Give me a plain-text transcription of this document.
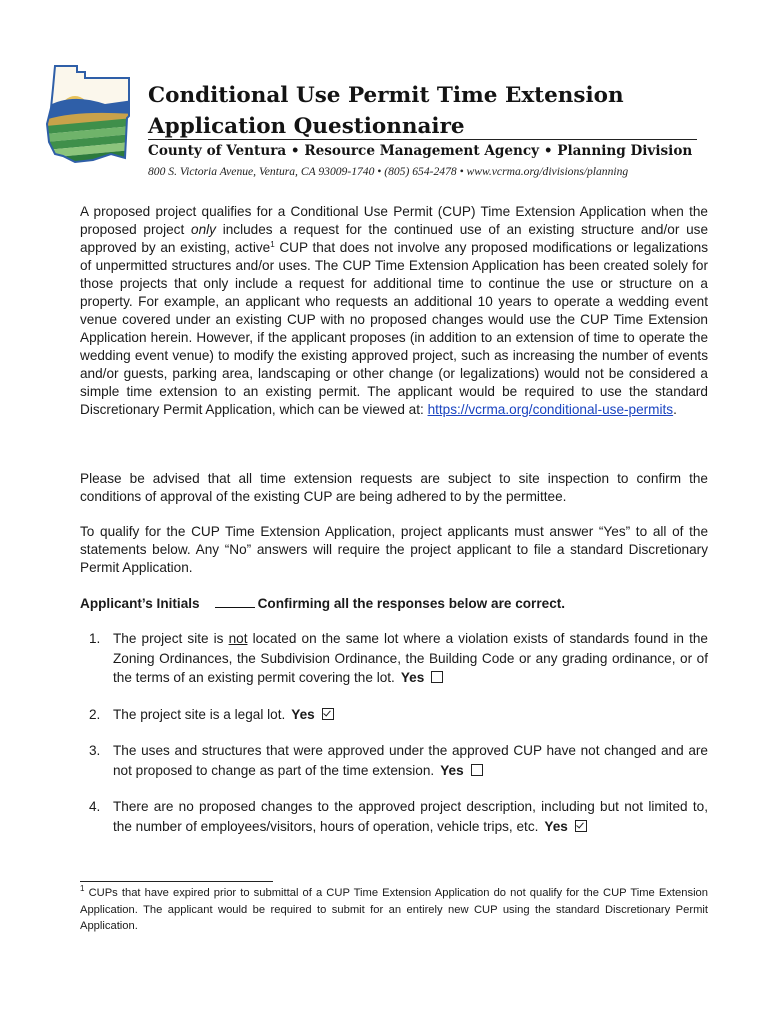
Conditional Use Permit Time Extension Application Questionnaire
County of Ventura • Resource Management Agency • Planning Division
800 S. Victoria Avenue, Ventura, CA 93009-1740 • (805) 654-2478 • www.vcrma.org/divisions/planning

A proposed project qualifies for a Conditional Use Permit (CUP) Time Extension Application when the proposed project only includes a request for the continued use of an existing structure and/or use approved by an existing, active$^1$ CUP that does not involve any proposed modifications or legalizations of unpermitted structures and/or uses. The CUP Time Extension Application has been created solely for those projects that only include a request for additional time to continue the use or structure on a property. For example, an applicant who requests an additional 10 years to operate a wedding event venue covered under an existing CUP with no proposed changes would use the CUP Time Extension Application herein. However, if the applicant proposes (in addition to an extension of time to operate the wedding event venue) to modify the existing approved project, such as increasing the number of events and/or guests, parking area, landscaping or other change (or legalizations) would not be considered a simple time extension to an existing permit. The applicant would be required to use the standard Discretionary Permit Application, which can be viewed at: https://vcrma.org/conditional-use-permits.

Please be advised that all time extension requests are subject to site inspection to confirm the conditions of approval of the existing CUP are being adhered to by the permittee.

To qualify for the CUP Time Extension Application, project applicants must answer “Yes” to all of the statements below. Any “No” answers will require the project applicant to file a standard Discretionary Permit Application.

Applicant’s Initials	Confirming all the responses below are correct.
1. The project site is not located on the same lot where a violation exists of standards found in the Zoning Ordinances, the Subdivision Ordinance, the Building Code or any grading ordinance, or of the terms of an existing permit covering the lot. Yes
2. The project site is a legal lot. Yes
3. The uses and structures that were approved under the approved CUP have not changed and are not proposed to change as part of the time extension. Yes
4. There are no proposed changes to the approved project description, including but not limited to, the number of employees/visitors, hours of operation, vehicle trips, etc. Yes

$^1$ CUPs that have expired prior to submittal of a CUP Time Extension Application do not qualify for the CUP Time Extension Application. The applicant would be required to submit for an entirely new CUP using the standard Discretionary Permit Application.
